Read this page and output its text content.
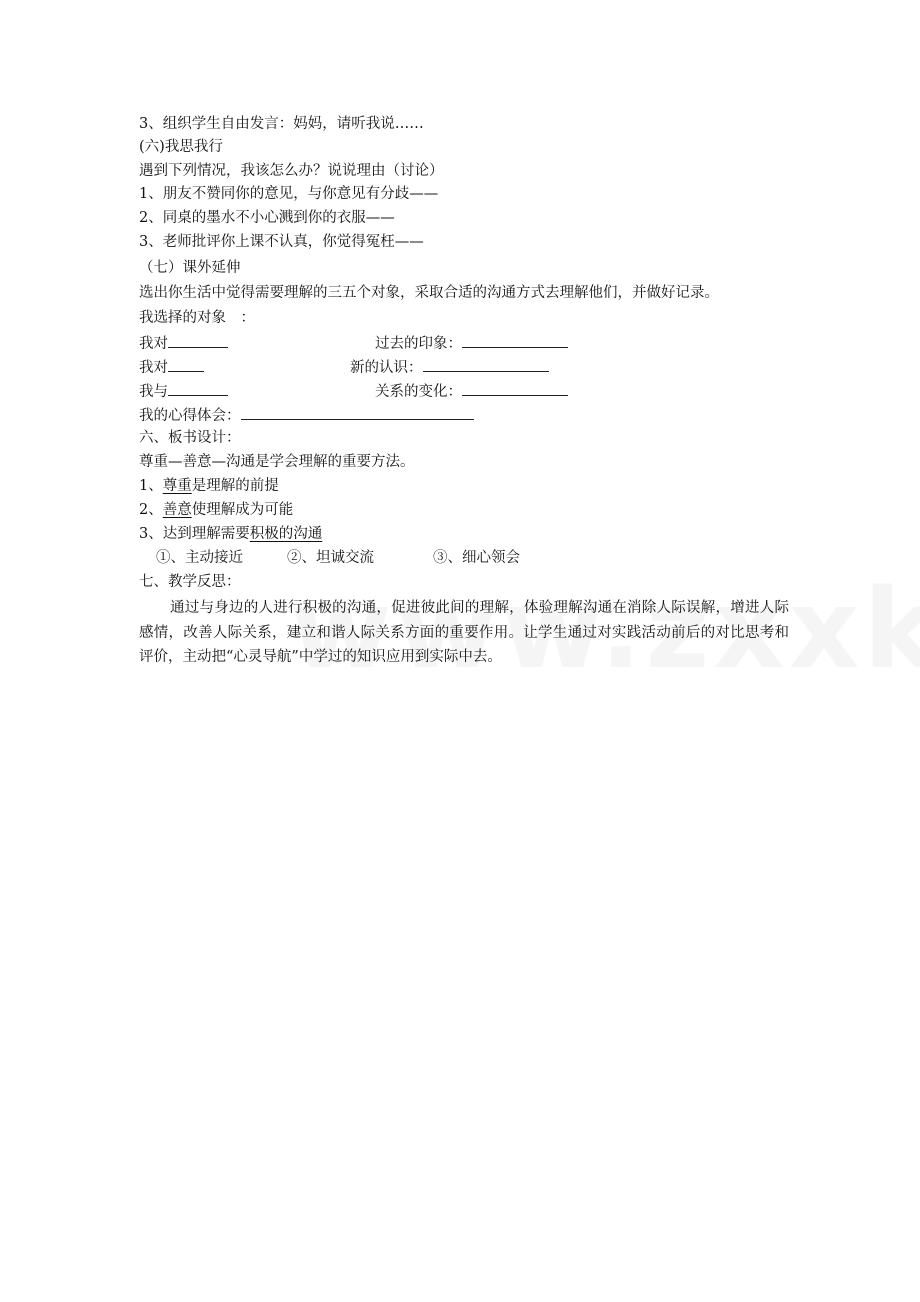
3、组织学生自由发言：妈妈，请听我说……
(六)我思我行
遇到下列情况，我该怎么办？说说理由（讨论）
1、朋友不赞同你的意见，与你意见有分歧——
2、同桌的墨水不小心溅到你的衣服——
3、老师批评你上课不认真，你觉得冤枉——
（七）课外延伸
选出你生活中觉得需要理解的三五个对象，采取合适的沟通方式去理解他们，并做好记录。
我选择的对象　：
我对	过去的印象：
我对	新的认识：
我与	关系的变化：
我的心得体会：
六、板书设计：
尊重—善意—沟通是学会理解的重要方法。
1、尊重是理解的前提
2、善意使理解成为可能
3、达到理解需要积极的沟通
①、主动接近	②、坦诚交流	③、细心领会
七、教学反思：
通过与身边的人进行积极的沟通，促进彼此间的理解，体验理解沟通在消除人际误解，增进人际感情，改善人际关系，建立和谐人际关系方面的重要作用。让学生通过对实践活动前后的对比思考和评价，主动把“心灵导航”中学过的知识应用到实际中去。
